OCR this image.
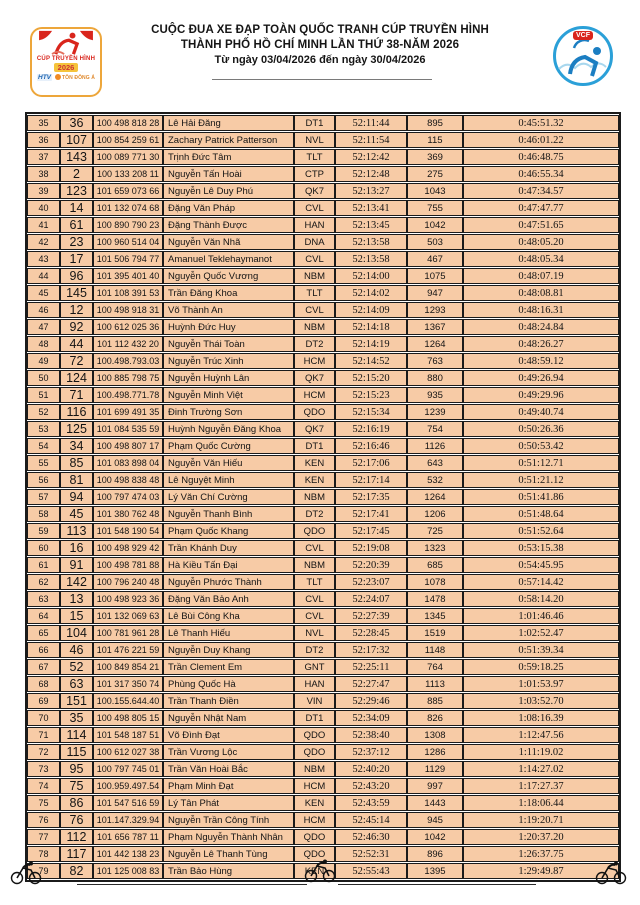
CÚP TRUYỀN HÌNH
2026
HTV TÔN ĐÔNG Á
CUỘC ĐUA XE ĐẠP TOÀN QUỐC TRANH CÚP TRUYỀN HÌNH
THÀNH PHỐ HỒ CHÍ MINH LẦN THỨ 38-NĂM 2026
Từ ngày 03/04/2026 đến ngày 30/04/2026
VCF
35	36	100 498 818 28	Lê Hải Đăng	DT1	52:11:44	895	0:45:51.32
36	107	100 854 259 61	Zachary Patrick Patterson	NVL	52:11:54	115	0:46:01.22
37	143	100 089 771 30	Trịnh Đức Tâm	TLT	52:12:42	369	0:46:48.75
38	2	100 133 208 11	Nguyễn Tấn Hoài	CTP	52:12:48	275	0:46:55.34
39	123	101 659 073 66	Nguyễn Lê Duy Phú	QK7	52:13:27	1043	0:47:34.57
40	14	101 132 074 68	Đặng Văn Pháp	CVL	52:13:41	755	0:47:47.77
41	61	100 890 790 23	Đặng Thành Được	HAN	52:13:45	1042	0:47:51.65
42	23	100 960 514 04	Nguyễn Văn Nhã	DNA	52:13:58	503	0:48:05.20
43	17	101 506 794 77	Amanuel Teklehaymanot	CVL	52:13:58	467	0:48:05.34
44	96	101 395 401 40	Nguyễn Quốc Vương	NBM	52:14:00	1075	0:48:07.19
45	145	101 108 391 53	Trần Đăng Khoa	TLT	52:14:02	947	0:48:08.81
46	12	100 498 918 31	Võ Thành An	CVL	52:14:09	1293	0:48:16.31
47	92	100 612 025 36	Huỳnh Đức Huy	NBM	52:14:18	1367	0:48:24.84
48	44	101 112 432 20	Nguyễn Thái Toàn	DT2	52:14:19	1264	0:48:26.27
49	72	100.498.793.03	Nguyễn Trúc Xinh	HCM	52:14:52	763	0:48:59.12
50	124	100 885 798 75	Nguyễn Huỳnh Lân	QK7	52:15:20	880	0:49:26.94
51	71	100.498.771.78	Nguyễn Minh Việt	HCM	52:15:23	935	0:49:29.96
52	116	101 699 491 35	Đinh Trường Sơn	QDO	52:15:34	1239	0:49:40.74
53	125	101 084 535 59	Huỳnh Nguyễn Đăng Khoa	QK7	52:16:19	754	0:50:26.36
54	34	100 498 807 17	Phạm Quốc Cường	DT1	52:16:46	1126	0:50:53.42
55	85	101 083 898 04	Nguyễn Văn Hiếu	KEN	52:17:06	643	0:51:12.71
56	81	100 498 838 48	Lê Nguyệt Minh	KEN	52:17:14	532	0:51:21.12
57	94	100 797 474 03	Lý Văn Chí Cường	NBM	52:17:35	1264	0:51:41.86
58	45	101 380 762 48	Nguyễn Thanh Bình	DT2	52:17:41	1206	0:51:48.64
59	113	101 548 190 54	Phạm Quốc Khang	QDO	52:17:45	725	0:51:52.64
60	16	100 498 929 42	Trần Khánh Duy	CVL	52:19:08	1323	0:53:15.38
61	91	100 498 781 88	Hà Kiều Tấn Đại	NBM	52:20:39	685	0:54:45.95
62	142	100 796 240 48	Nguyễn Phước Thành	TLT	52:23:07	1078	0:57:14.42
63	13	100 498 923 36	Đặng Văn Bảo Anh	CVL	52:24:07	1478	0:58:14.20
64	15	101 132 069 63	Lê Bùi Công Kha	CVL	52:27:39	1345	1:01:46.46
65	104	100 781 961 28	Lê Thanh Hiếu	NVL	52:28:45	1519	1:02:52.47
66	46	101 476 221 59	Nguyễn Duy Khang	DT2	52:17:32	1148	0:51:39.34
67	52	100 849 854 21	Trần Clement Em	GNT	52:25:11	764	0:59:18.25
68	63	101 317 350 74	Phùng Quốc Hà	HAN	52:27:47	1113	1:01:53.97
69	151	100.155.644.40	Trần Thanh Điền	VIN	52:29:46	885	1:03:52.70
70	35	100 498 805 15	Nguyễn Nhật Nam	DT1	52:34:09	826	1:08:16.39
71	114	101 548 187 51	Võ Đình Đạt	QDO	52:38:40	1308	1:12:47.56
72	115	100 612 027 38	Trần Vương Lộc	QDO	52:37:12	1286	1:11:19.02
73	95	100 797 745 01	Trần Văn Hoài Bắc	NBM	52:40:20	1129	1:14:27.02
74	75	100.959.497.54	Phạm Minh Đạt	HCM	52:43:20	997	1:17:27.37
75	86	101 547 516 59	Lý Tân Phát	KEN	52:43:59	1443	1:18:06.44
76	76	101.147.329.94	Nguyễn Trần Công Tính	HCM	52:45:14	945	1:19:20.71
77	112	101 656 787 11	Phạm Nguyễn Thành Nhân	QDO	52:46:30	1042	1:20:37.20
78	117	101 442 138 23	Nguyễn Lê Thanh Tùng	QDO	52:52:31	896	1:26:37.75
79	82	101 125 008 83	Trần Bảo Hùng	KEN	52:55:43	1395	1:29:49.87
